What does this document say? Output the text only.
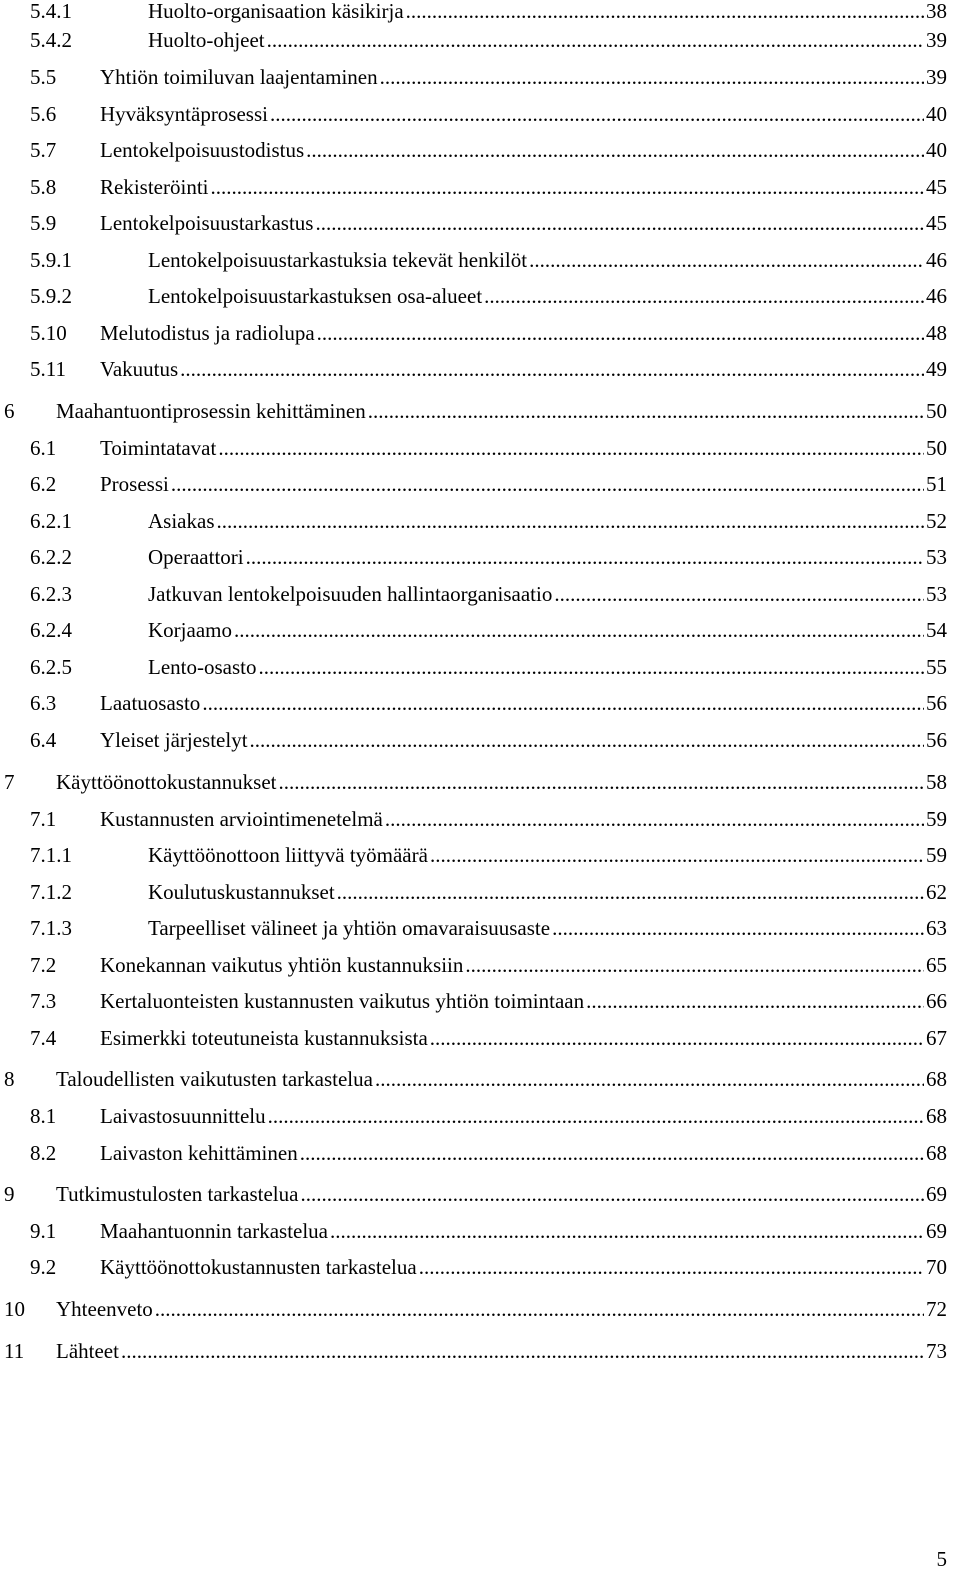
5.4.1	Huolto-organisaation käsikirja .....	38
5.4.2	Huolto-ohjeet .....	39
5.5 Yhtiön toimiluvan laajentaminen .....	39
5.6 Hyväksyntäprosessi .....	40
5.7 Lentokelpoisuustodistus .....	40
5.8 Rekisteröinti .....	45
5.9 Lentokelpoisuustarkastus .....	45
5.9.1	Lentokelpoisuustarkastuksia tekevät henkilöt .....	46
5.9.2	Lentokelpoisuustarkastuksen osa-alueet .....	46
5.10 Melutodistus ja radiolupa .....	48
5.11 Vakuutus .....	49
6 Maahantuontiprosessin kehittäminen .....	50
6.1 Toimintatavat .....	50
6.2 Prosessi .....	51
6.2.1	Asiakas .....	52
6.2.2	Operaattori .....	53
6.2.3	Jatkuvan lentokelpoisuuden hallintaorganisaatio .....	53
6.2.4	Korjaamo .....	54
6.2.5	Lento-osasto .....	55
6.3 Laatuosasto .....	56
6.4 Yleiset järjestelyt .....	56
7 Käyttöönottokustannukset .....	58
7.1 Kustannusten arviointimenetelmä .....	59
7.1.1	Käyttöönottoon liittyvä työmäärä .....	59
7.1.2	Koulutuskustannukset .....	62
7.1.3	Tarpeelliset välineet ja yhtiön omavaraisuusaste .....	63
7.2 Konekannan vaikutus yhtiön kustannuksiin .....	65
7.3 Kertaluonteisten kustannusten vaikutus yhtiön toimintaan .....	66
7.4 Esimerkki toteutuneista kustannuksista .....	67
8 Taloudellisten vaikutusten tarkastelua .....	68
8.1 Laivastosuunnittelu .....	68
8.2 Laivaston kehittäminen .....	68
9 Tutkimustulosten tarkastelua .....	69
9.1 Maahantuonnin tarkastelua .....	69
9.2 Käyttöönottokustannusten tarkastelua .....	70
10 Yhteenveto .....	72
11 Lähteet .....	73
5
